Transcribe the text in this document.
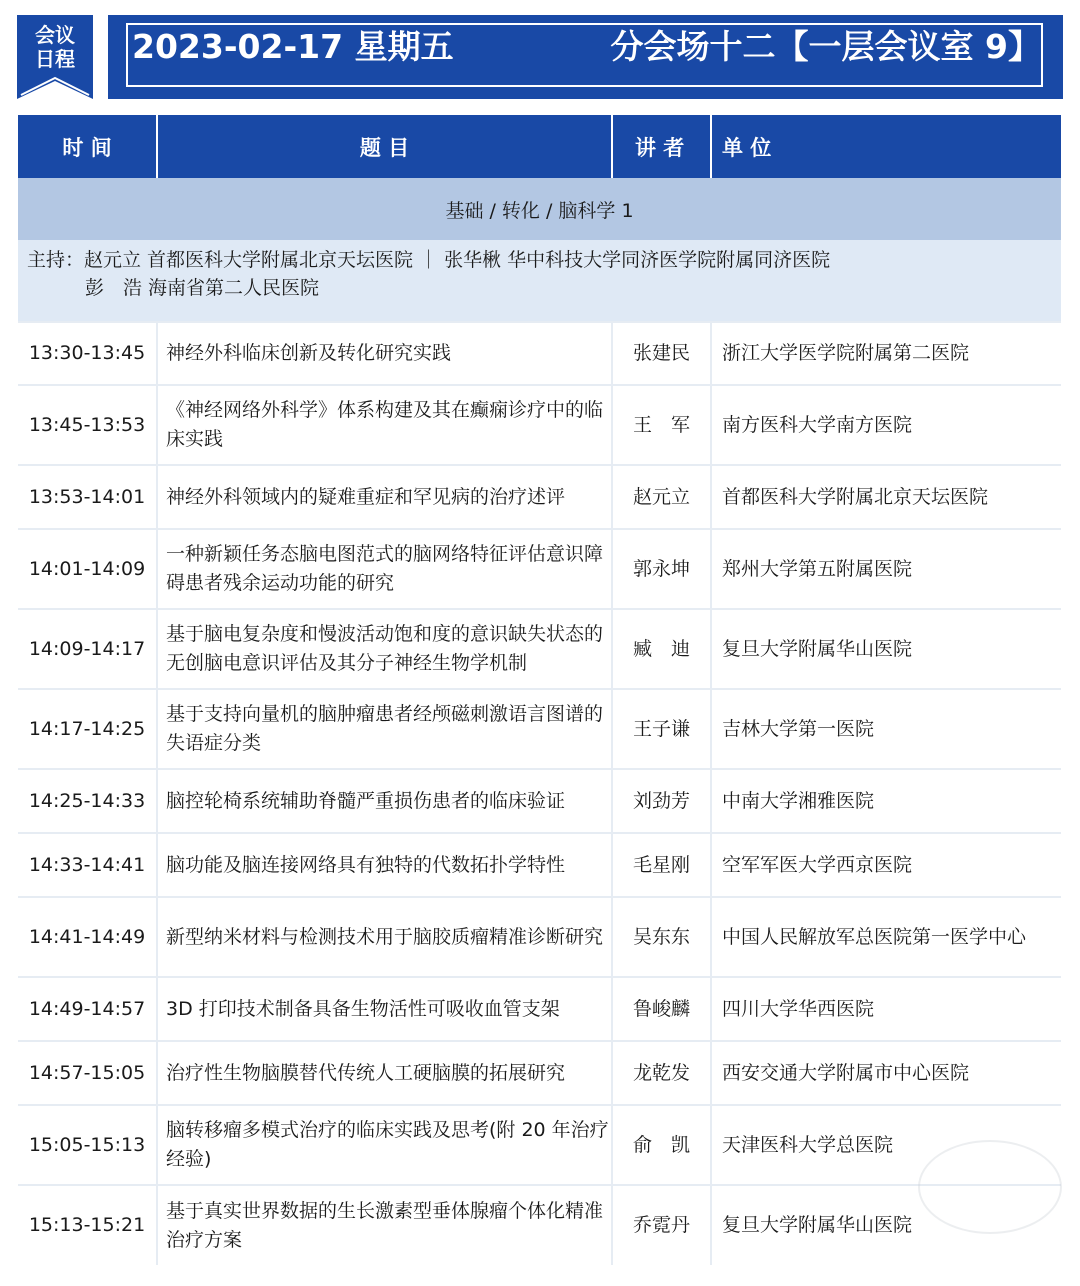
会议
日程	2023-02-17 星期五	分会场十二【一层会议室 9】
时 间	题 目	讲 者	单 位
基础 / 转化 / 脑科学 1			

主持：赵元立 首都医科大学附属北京天坛医院 ｜ 张华楸 华中科技大学同济医学院附属同济医院
彭　浩 海南省第二人民医院			

13:30-13:45	神经外科临床创新及转化研究实践	张建民	浙江大学医学院附属第二医院
13:45-13:53	《神经网络外科学》体系构建及其在癫痫诊疗中的临床实践	王　军	南方医科大学南方医院
13:53-14:01	神经外科领域内的疑难重症和罕见病的治疗述评	赵元立	首都医科大学附属北京天坛医院
14:01-14:09	一种新颖任务态脑电图范式的脑网络特征评估意识障碍患者残余运动功能的研究	郭永坤	郑州大学第五附属医院
14:09-14:17	基于脑电复杂度和慢波活动饱和度的意识缺失状态的无创脑电意识评估及其分子神经生物学机制	臧　迪	复旦大学附属华山医院
14:17-14:25	基于支持向量机的脑肿瘤患者经颅磁刺激语言图谱的失语症分类	王子谦	吉林大学第一医院
14:25-14:33	脑控轮椅系统辅助脊髓严重损伤患者的临床验证	刘劲芳	中南大学湘雅医院
14:33-14:41	脑功能及脑连接网络具有独特的代数拓扑学特性	毛星刚	空军军医大学西京医院
14:41-14:49	新型纳米材料与检测技术用于脑胶质瘤精准诊断研究	吴东东	中国人民解放军总医院第一医学中心
14:49-14:57	3D 打印技术制备具备生物活性可吸收血管支架	鲁峻麟	四川大学华西医院
14:57-15:05	治疗性生物脑膜替代传统人工硬脑膜的拓展研究	龙乾发	西安交通大学附属市中心医院
15:05-15:13	脑转移瘤多模式治疗的临床实践及思考(附 20 年治疗经验)	俞　凯	天津医科大学总医院
15:13-15:21	基于真实世界数据的生长激素型垂体腺瘤个体化精准治疗方案	乔霓丹	复旦大学附属华山医院
